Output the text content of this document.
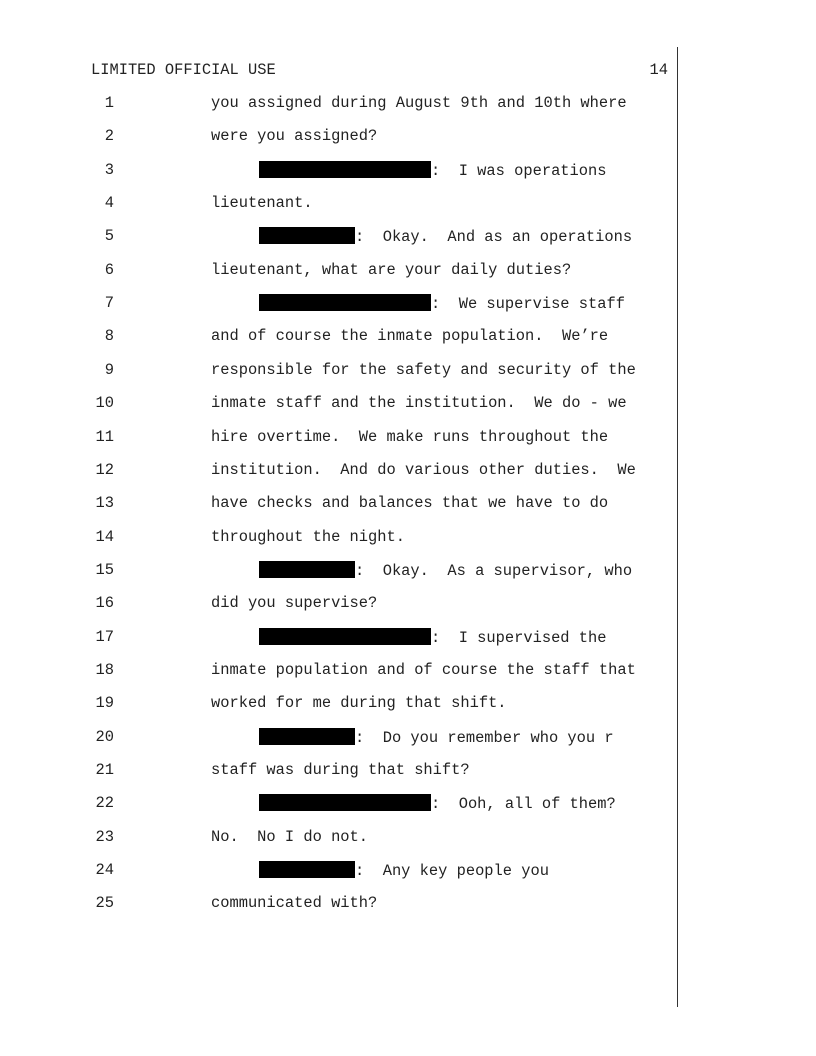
LIMITED OFFICIAL USE	14
1	you assigned during August 9th and 10th where
2	were you assigned?
3	:  I was operations
4	lieutenant.
5	:  Okay.  And as an operations
6	lieutenant, what are your daily duties?
7	:  We supervise staff
8	and of course the inmate population.  We’re
9	responsible for the safety and security of the
10	inmate staff and the institution.  We do - we
11	hire overtime.  We make runs throughout the
12	institution.  And do various other duties.  We
13	have checks and balances that we have to do
14	throughout the night.
15	:  Okay.  As a supervisor, who
16	did you supervise?
17	:  I supervised the
18	inmate population and of course the staff that
19	worked for me during that shift.
20	:  Do you remember who you r
21	staff was during that shift?
22	:  Ooh, all of them?
23	No.  No I do not.
24	:  Any key people you
25	communicated with?
